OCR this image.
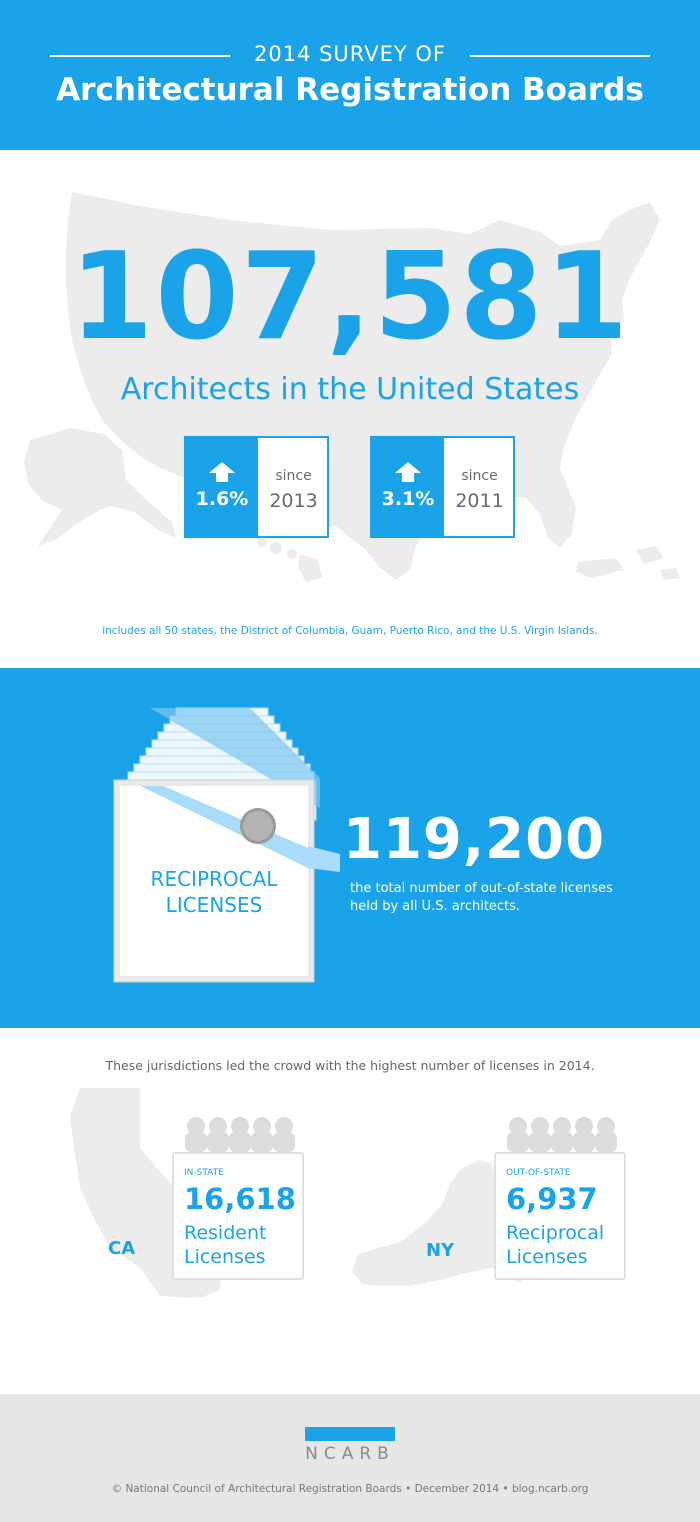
2014 SURVEY OF
Architectural Registration Boards
107,581
Architects in the United States
1.6%
since
2013	3.1%
since
2011
includes all 50 states, the District of Columbia, Guam, Puerto Rico, and the U.S. Virgin Islands.
RECIPROCAL
LICENSES
119,200
the total number of out-of-state licenses
held by all U.S. architects.
These jurisdictions led the crowd with the highest number of licenses in 2014.
CA	NY
IN-STATE
16,618
Resident
Licenses
OUT-OF-STATE
6,937
Reciprocal
Licenses
NCARB
© National Council of Architectural Registration Boards • December 2014 • blog.ncarb.org
